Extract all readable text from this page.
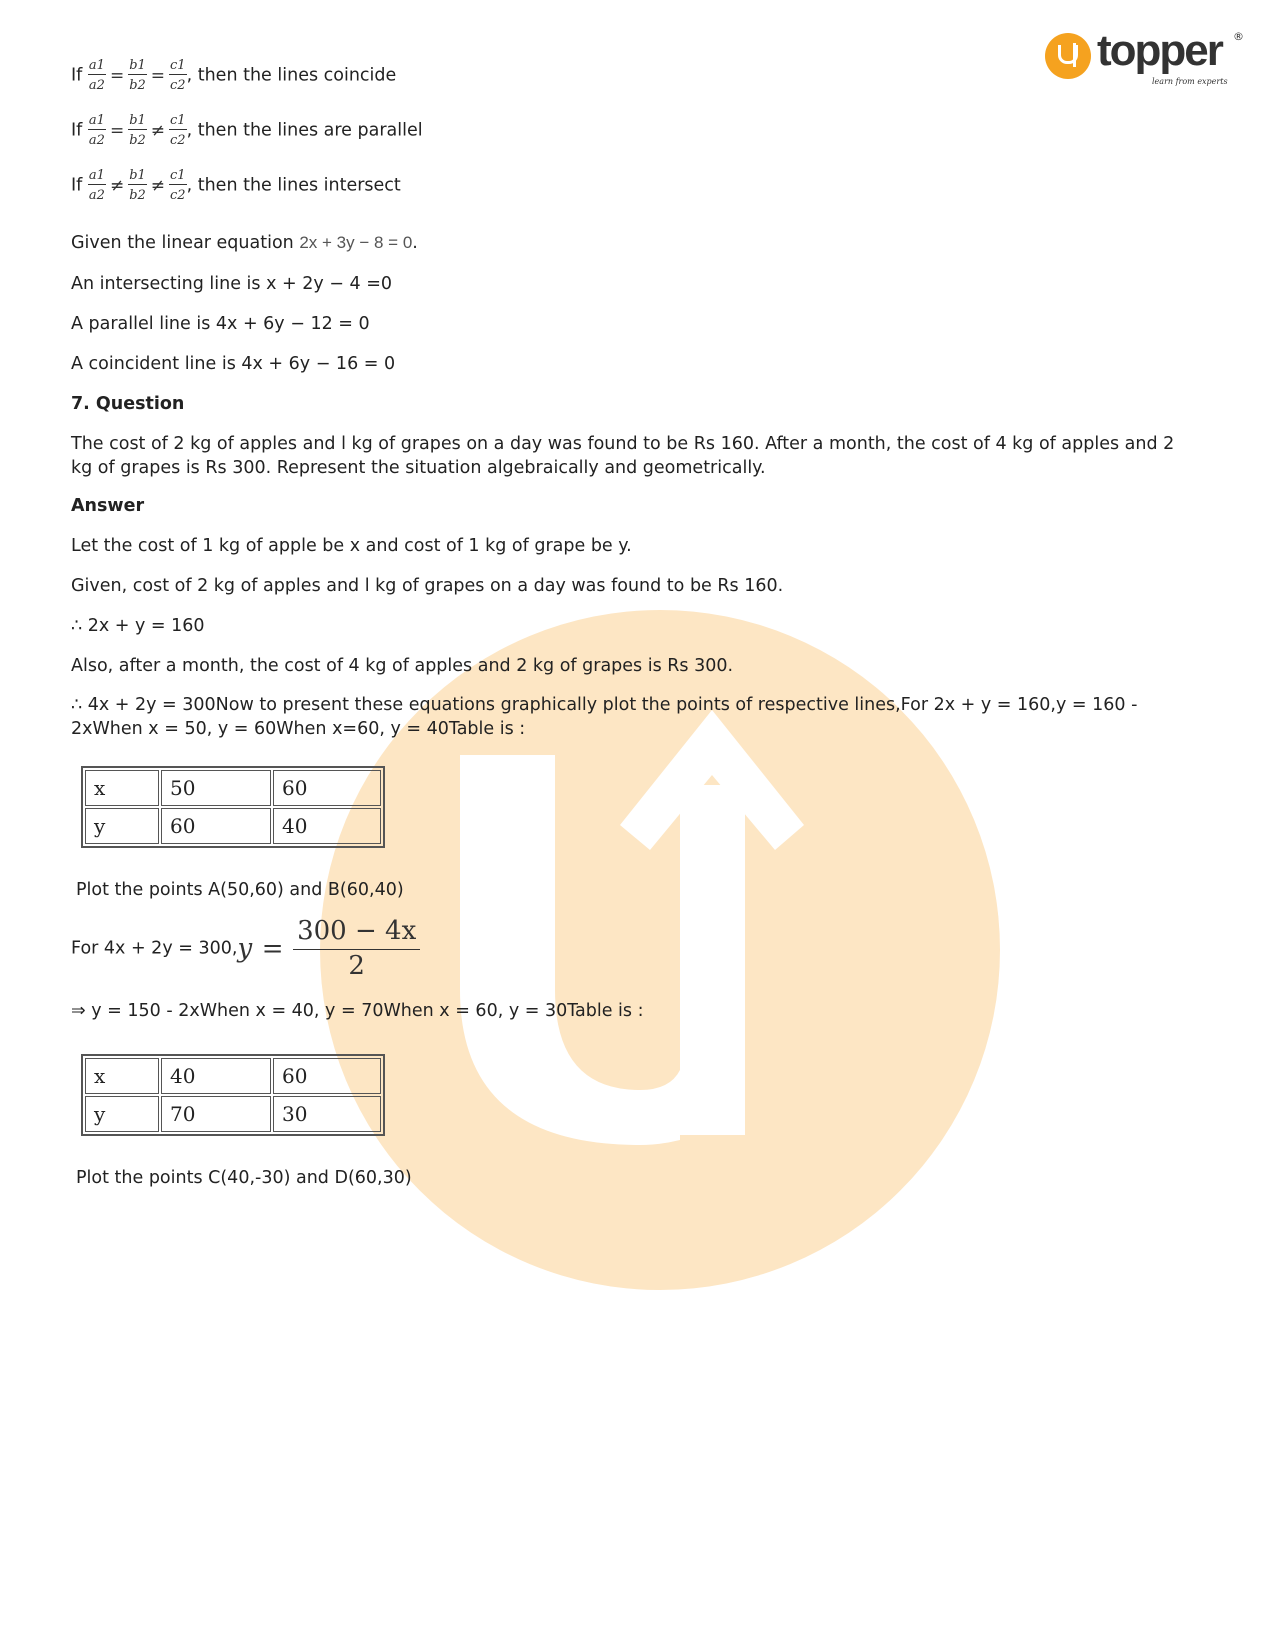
topper
learn from experts
®
If $\frac{a1}{a2} = \frac{b1}{b2} = \frac{c1}{c2}$ , then the lines coincide
If $\frac{a1}{a2} = \frac{b1}{b2} \ne \frac{c1}{c2}$ , then the lines are parallel
If $\frac{a1}{a2} \ne \frac{b1}{b2} \ne \frac{c1}{c2}$ , then the lines intersect
Given the linear equation 2x + 3y − 8 = 0.
An intersecting line is x + 2y − 4 =0
A parallel line is 4x + 6y − 12 = 0
A coincident line is 4x + 6y − 16 = 0
7. Question
The cost of 2 kg of apples and l kg of grapes on a day was found to be Rs 160. After a month, the cost of 4 kg of apples and 2 kg of grapes is Rs 300. Represent the situation algebraically and geometrically.
Answer
Let the cost of 1 kg of apple be x and cost of 1 kg of grape be y.
Given, cost of 2 kg of apples and l kg of grapes on a day was found to be Rs 160.
∴ 2x + y = 160
Also, after a month, the cost of 4 kg of apples and 2 kg of grapes is Rs 300.
∴ 4x + 2y = 300Now to present these equations graphically plot the points of respective lines,For 2x + y = 160,y = 160 - 2xWhen x = 50, y = 60When x=60, y = 40Table is :
x	50	60
y	60	40
Plot the points A(50,60) and B(60,40)
For $4x + 2y = 300,y = \frac{300 - 4x}{2}$
⇒ y = 150 - 2xWhen x = 40, y = 70When x = 60, y = 30Table is :
x	40	60
y	70	30
Plot the points C(40,-30) and D(60,30)
